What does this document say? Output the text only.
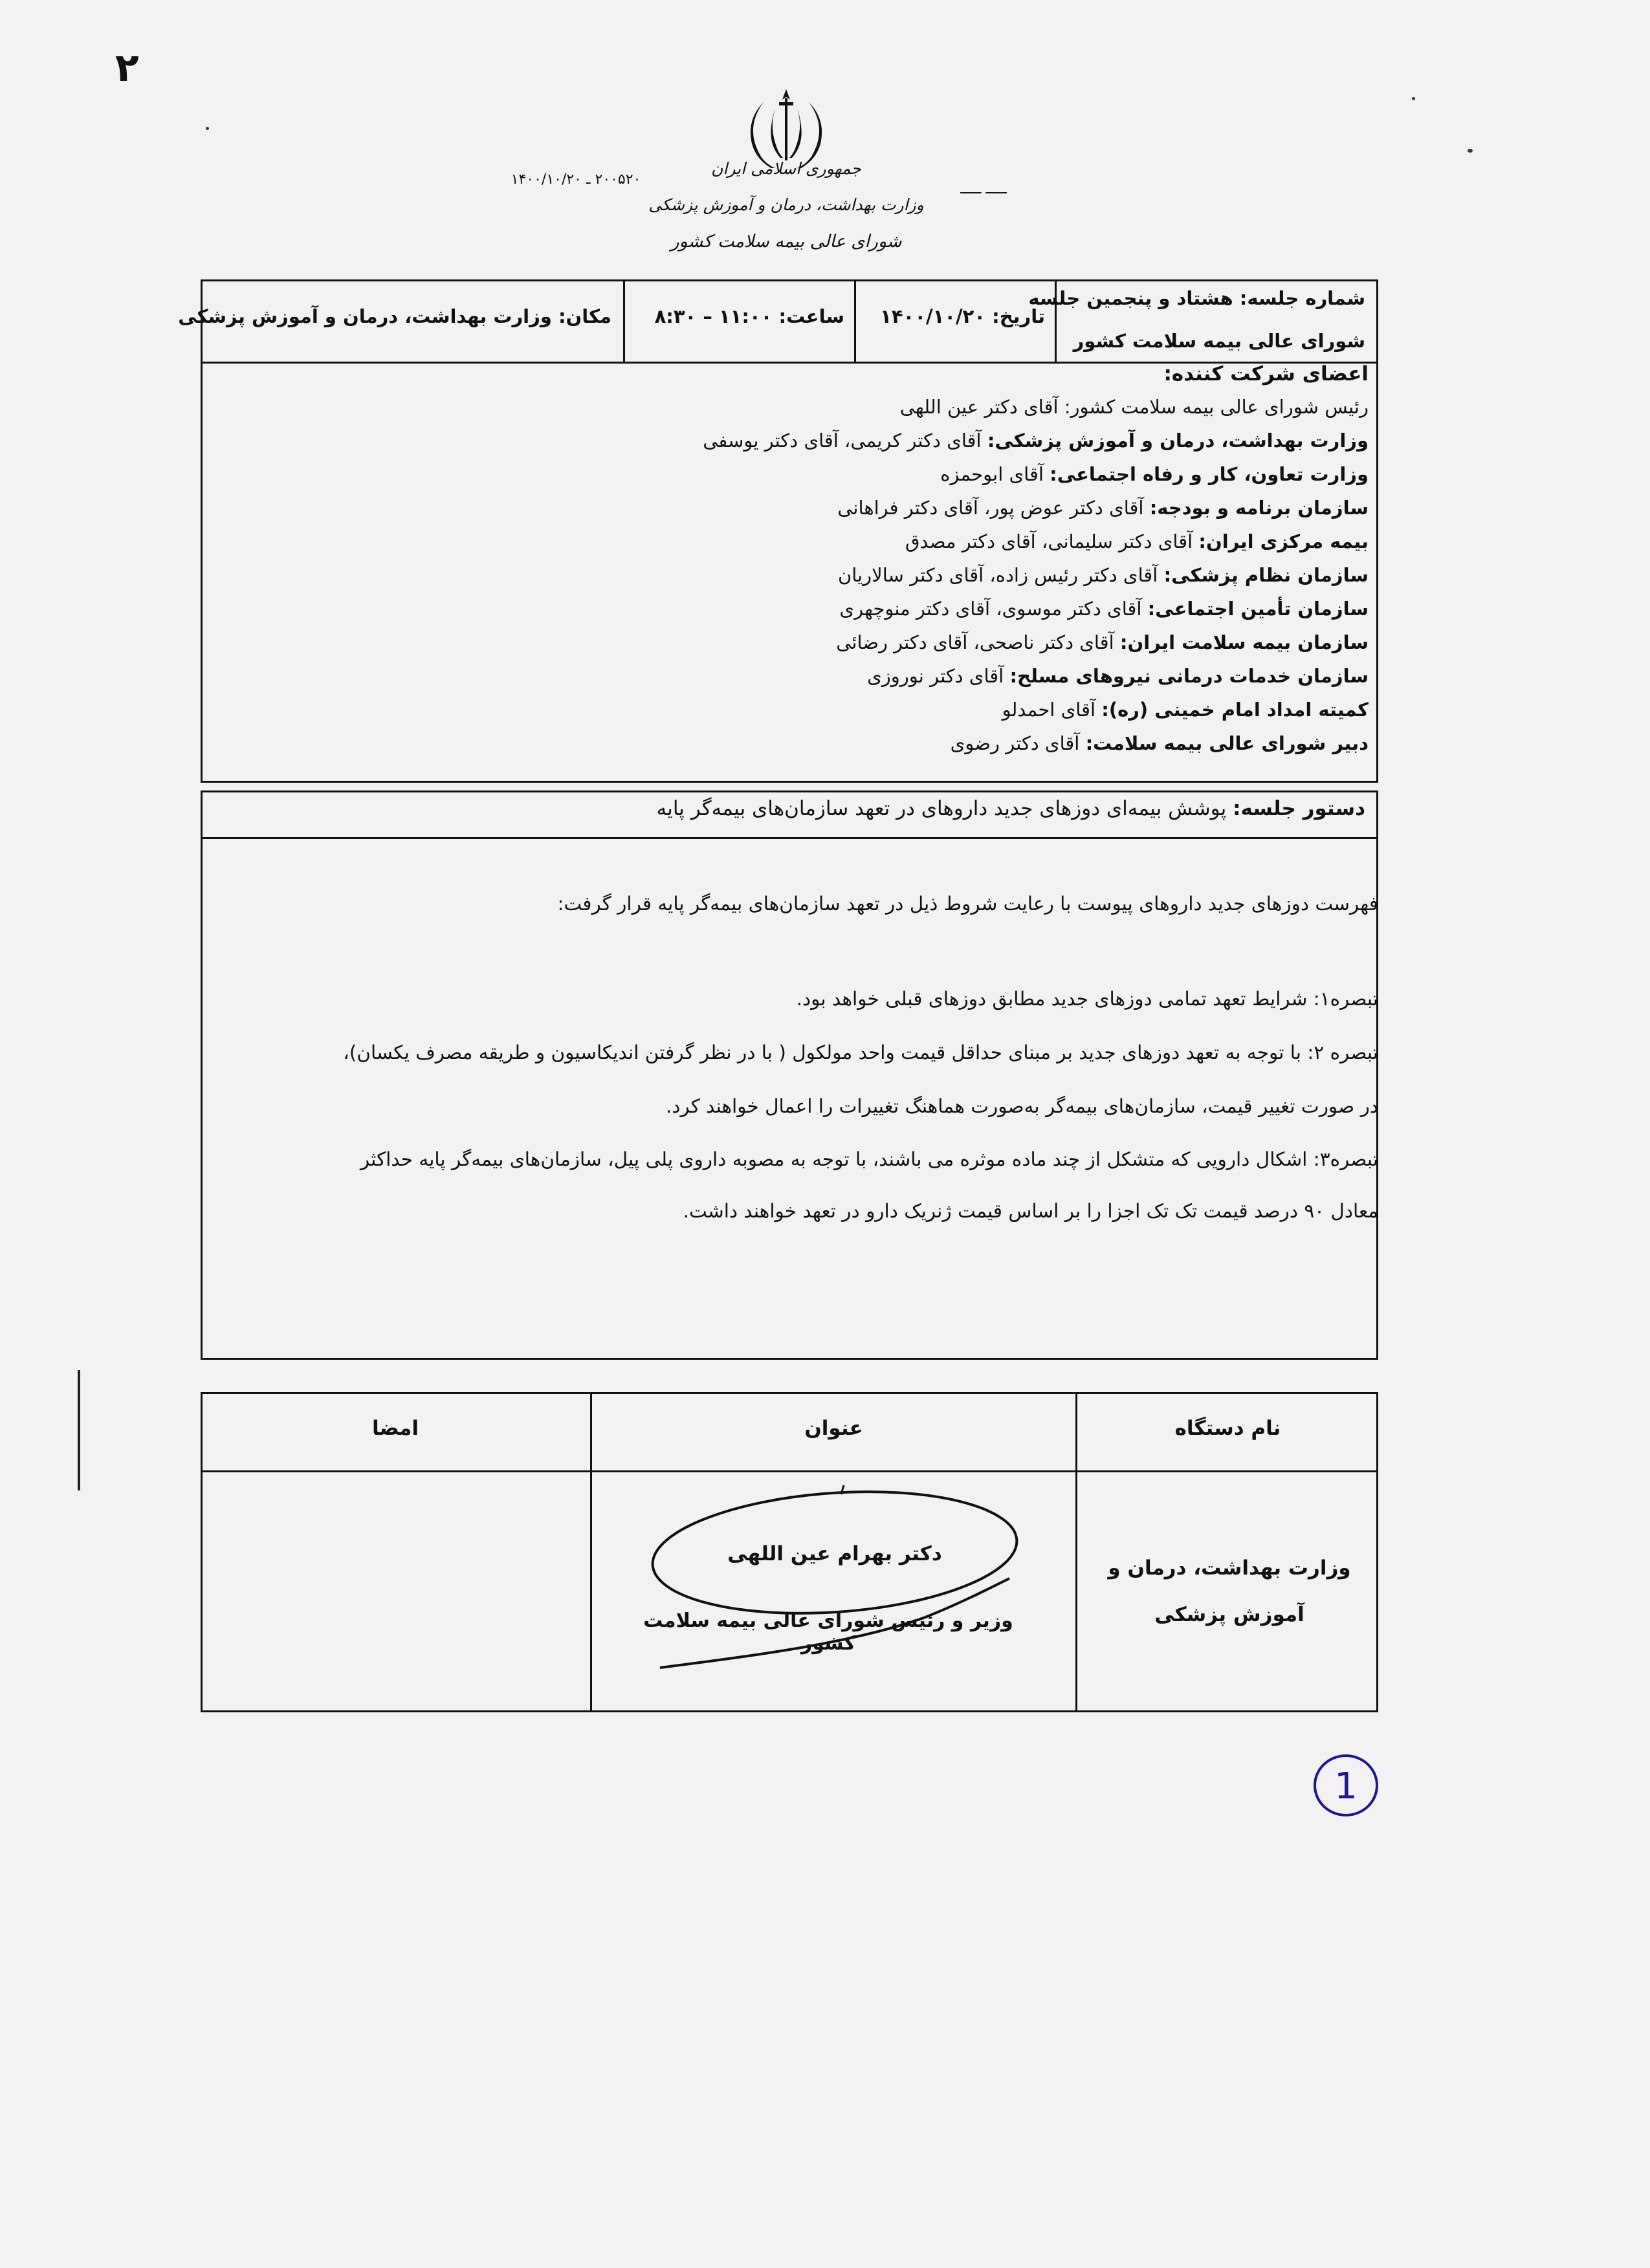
۲
جمهوری اسلامی ایران
وزارت بهداشت، درمان و آموزش پزشکی
شورای عالی بیمه سلامت کشور
۲۰۰۵۲۰ ـ ۱۴۰۰/۱۰/۲۰
ـــــ ـــــ
شماره جلسه: هشتاد و پنجمین جلسه
شورای عالی بیمه سلامت کشور
تاریخ: ۱۴۰۰/۱۰/۲۰
ساعت: ۱۱:۰۰ – ۸:۳۰
مکان: وزارت بهداشت، درمان و آموزش پزشکی
اعضای شرکت کننده:
رئیس شورای عالی بیمه سلامت کشور: آقای دکتر عین اللهی
وزارت بهداشت، درمان و آموزش پزشکی: آقای دکتر کریمی، آقای دکتر یوسفی
وزارت تعاون، کار و رفاه اجتماعی: آقای ابوحمزه
سازمان برنامه و بودجه: آقای دکتر عوض پور، آقای دکتر فراهانی
بیمه مرکزی ایران: آقای دکتر سلیمانی، آقای دکتر مصدق
سازمان نظام پزشکی: آقای دکتر رئیس زاده، آقای دکتر سالاریان
سازمان تأمین اجتماعی: آقای دکتر موسوی، آقای دکتر منوچهری
سازمان بیمه سلامت ایران: آقای دکتر ناصحی، آقای دکتر رضائی
سازمان خدمات درمانی نیروهای مسلح: آقای دکتر نوروزی
کمیته امداد امام خمینی (ره): آقای احمدلو
دبیر شورای عالی بیمه سلامت: آقای دکتر رضوی
دستور جلسه: پوشش بیمه‌ای دوزهای جدید داروهای در تعهد سازمان‌های بیمه‌گر پایه
فهرست دوزهای جدید داروهای پیوست با رعایت شروط ذیل در تعهد سازمان‌های بیمه‌گر پایه قرار گرفت:
تبصره۱: شرایط تعهد تمامی دوزهای جدید مطابق دوزهای قبلی خواهد بود.
تبصره ۲: با توجه به تعهد دوزهای جدید بر مبنای حداقل قیمت واحد مولکول ( با در نظر گرفتن اندیکاسیون و طریقه مصرف یکسان)،
در صورت تغییر قیمت، سازمان‌های بیمه‌گر به‌صورت هماهنگ تغییرات را اعمال خواهند کرد.
تبصره۳: اشکال دارویی که متشکل از چند ماده موثره می باشند، با توجه به مصوبه داروی پلی پیل، سازمان‌های بیمه‌گر پایه حداکثر
معادل ۹۰ درصد قیمت تک تک اجزا را بر اساس قیمت ژنریک دارو در تعهد خواهند داشت.
نام دستگاه
عنوان
امضا
وزارت بهداشت، درمان و آموزش پزشکی
دکتر بهرام عین اللهی
وزیر و رئیس شورای عالی بیمه سلامت کشور
1
